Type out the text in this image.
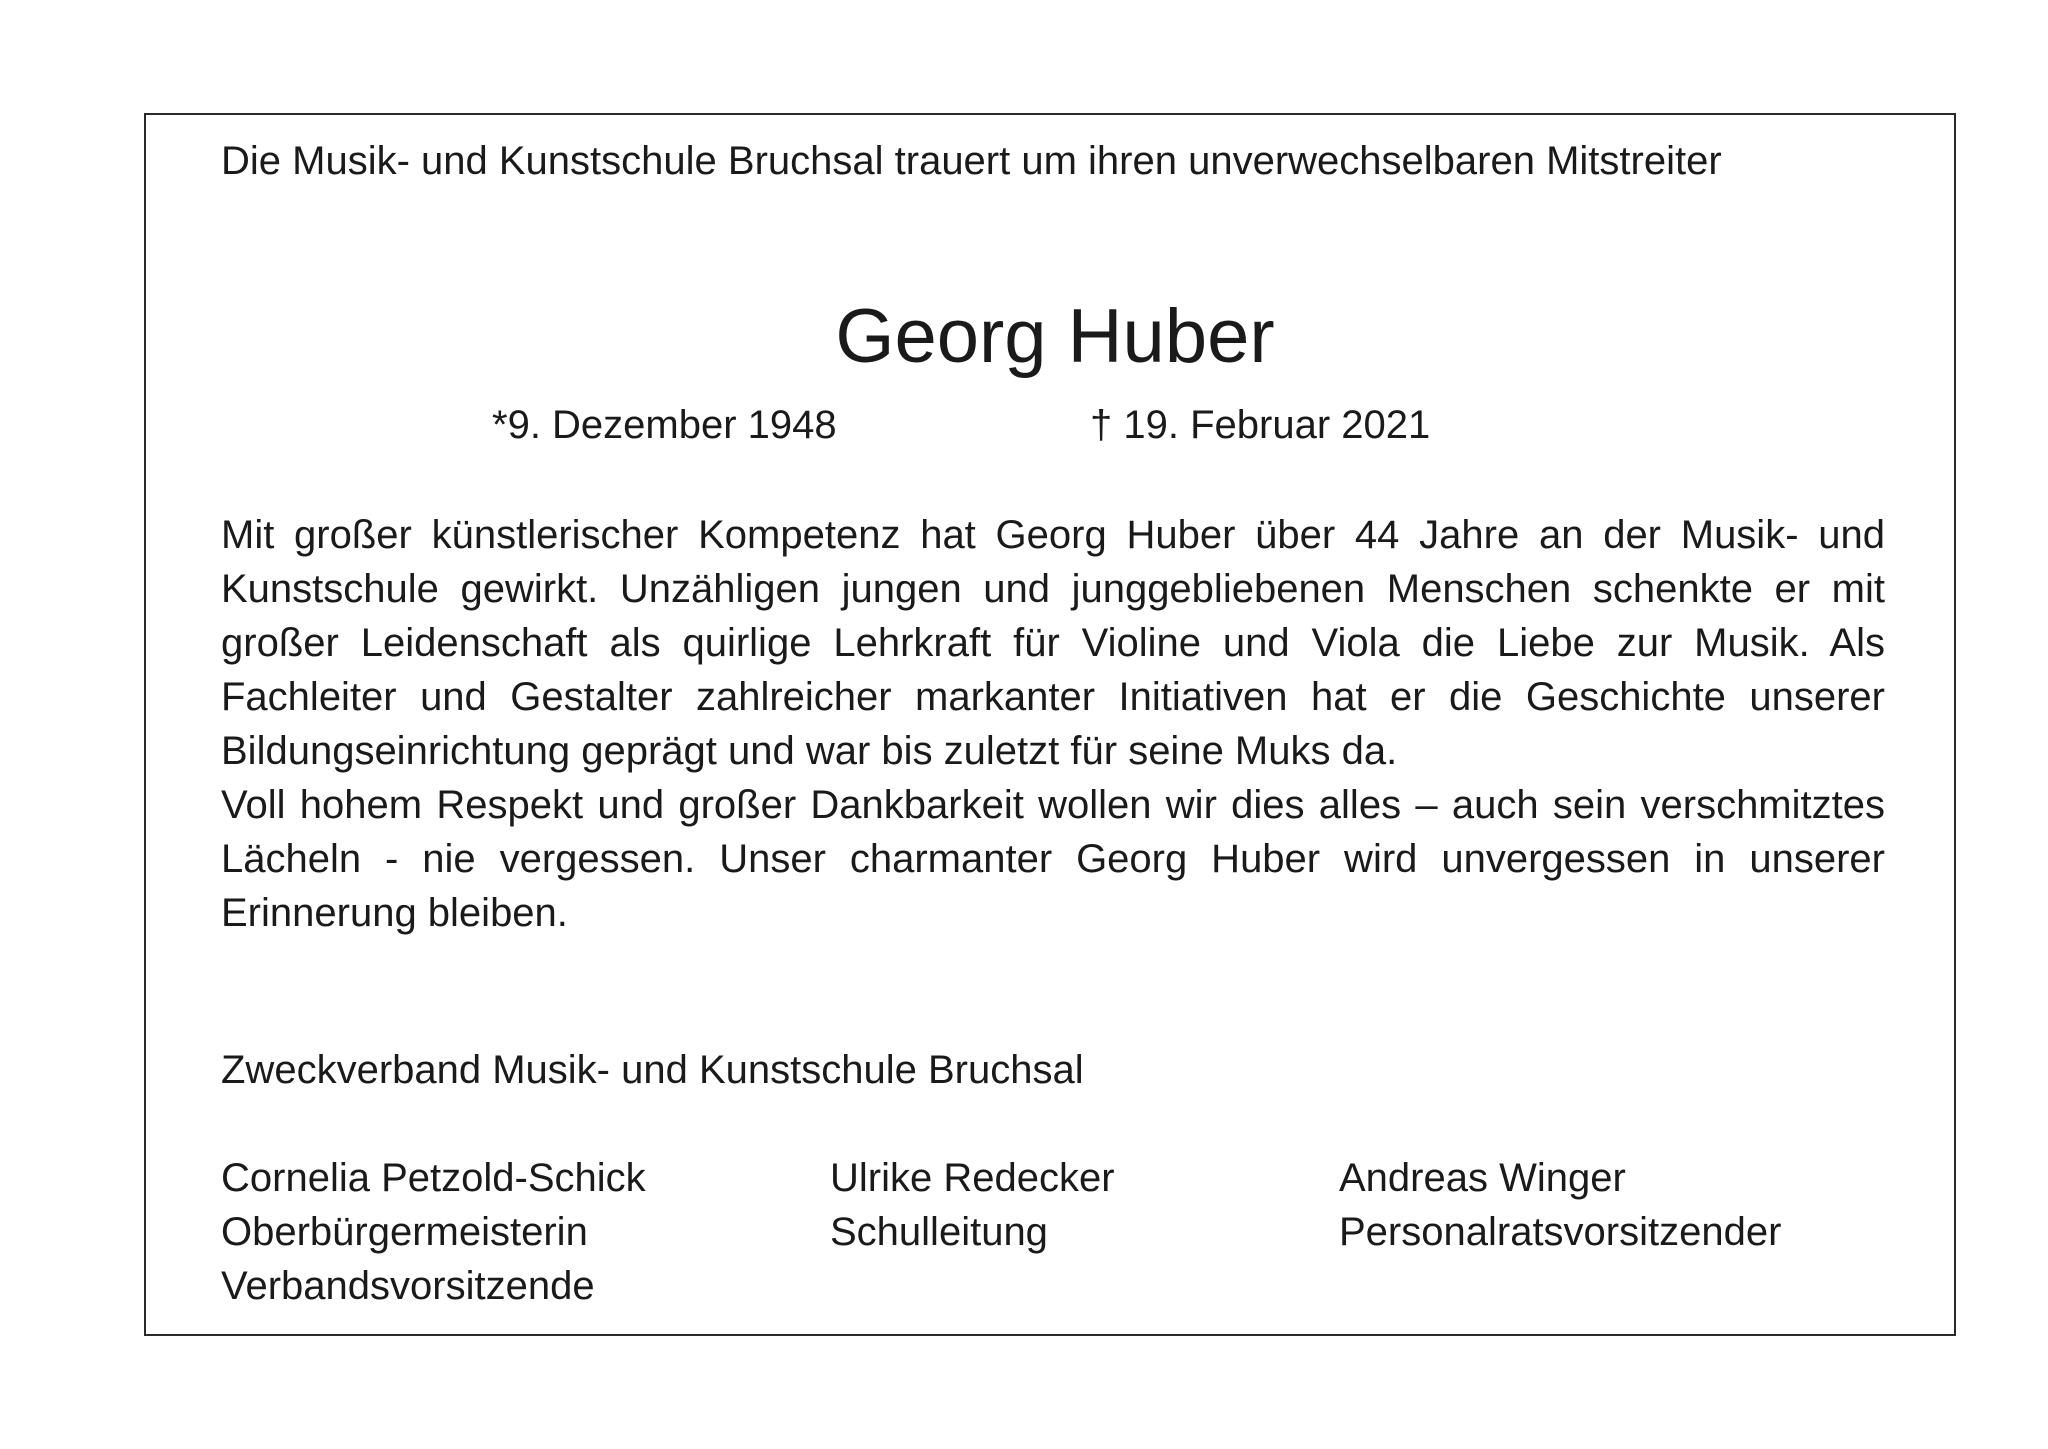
Die Musik- und Kunstschule Bruchsal trauert um ihren unverwechselbaren Mitstreiter

Georg Huber
*9. Dezember 1948	† 19. Februar 2021

Mit großer künstlerischer Kompetenz hat Georg Huber über 44 Jahre an der Musik- und Kunstschule gewirkt. Unzähligen jungen und junggebliebenen Menschen schenkte er mit großer Leidenschaft als quirlige Lehrkraft für Violine und Viola die Liebe zur Musik. Als Fachleiter und Gestalter zahlreicher markanter Initiativen hat er die Geschichte unserer Bildungseinrichtung geprägt und war bis zuletzt für seine Muks da.

Voll hohem Respekt und großer Dankbarkeit wollen wir dies alles – auch sein verschmitztes Lächeln - nie vergessen. Unser charmanter Georg Huber wird unvergessen in unserer Erinnerung bleiben.

Zweckverband Musik- und Kunstschule Bruchsal

Cornelia Petzold-Schick
Oberbürgermeisterin
Verbandsvorsitzende
Ulrike Redecker
Schulleitung
Andreas Winger
Personalratsvorsitzender
